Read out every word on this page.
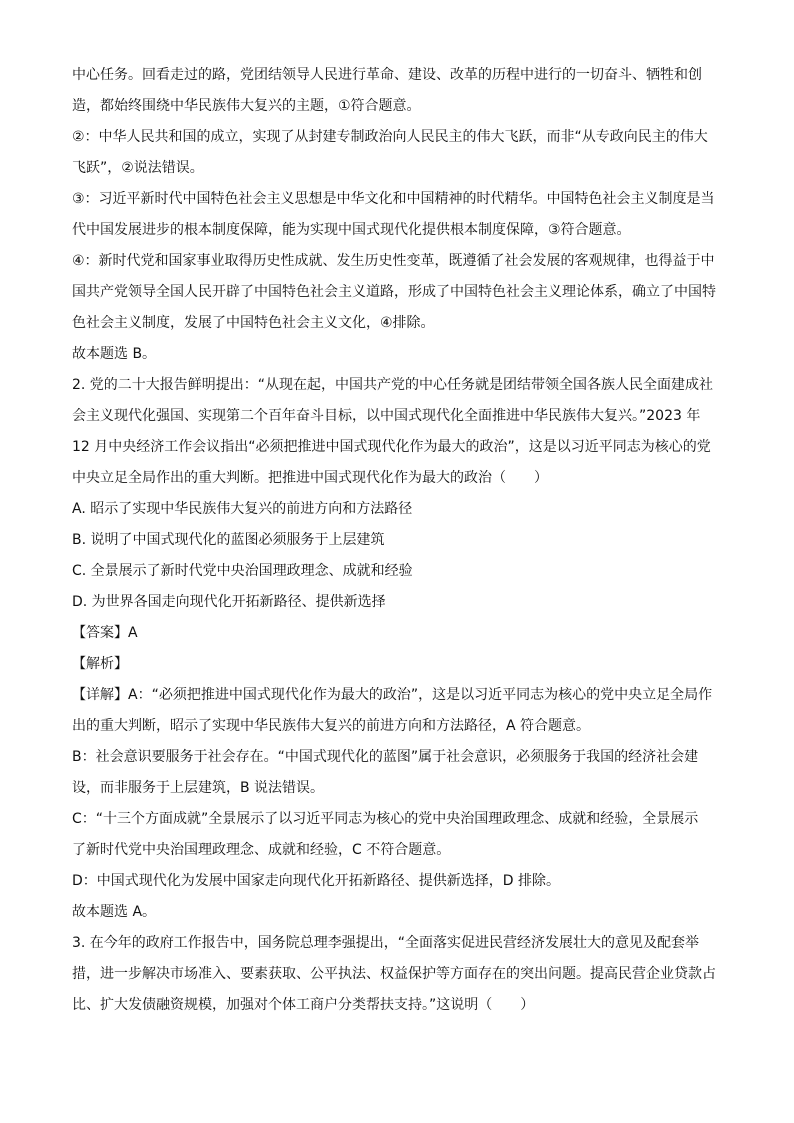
中心任务。回看走过的路，党团结领导人民进行革命、建设、改革的历程中进行的一切奋斗、牺牲和创
造，都始终围绕中华民族伟大复兴的主题，①符合题意。
②：中华人民共和国的成立，实现了从封建专制政治向人民民主的伟大飞跃，而非“从专政向民主的伟大
飞跃”，②说法错误。
③：习近平新时代中国特色社会主义思想是中华文化和中国精神的时代精华。中国特色社会主义制度是当
代中国发展进步的根本制度保障，能为实现中国式现代化提供根本制度保障，③符合题意。
④：新时代党和国家事业取得历史性成就、发生历史性变革，既遵循了社会发展的客观规律，也得益于中
国共产党领导全国人民开辟了中国特色社会主义道路，形成了中国特色社会主义理论体系，确立了中国特
色社会主义制度，发展了中国特色社会主义文化，④排除。
故本题选 B。
2. 党的二十大报告鲜明提出：“从现在起，中国共产党的中心任务就是团结带领全国各族人民全面建成社
会主义现代化强国、实现第二个百年奋斗目标，以中国式现代化全面推进中华民族伟大复兴。”2023 年
12 月中央经济工作会议指出“必须把推进中国式现代化作为最大的政治”，这是以习近平同志为核心的党
中央立足全局作出的重大判断。把推进中国式现代化作为最大的政治（　　）
A. 昭示了实现中华民族伟大复兴的前进方向和方法路径
B. 说明了中国式现代化的蓝图必须服务于上层建筑
C. 全景展示了新时代党中央治国理政理念、成就和经验
D. 为世界各国走向现代化开拓新路径、提供新选择
【答案】A
【解析】
【详解】A：“必须把推进中国式现代化作为最大的政治”，这是以习近平同志为核心的党中央立足全局作
出的重大判断，昭示了实现中华民族伟大复兴的前进方向和方法路径，A 符合题意。
B：社会意识要服务于社会存在。“中国式现代化的蓝图”属于社会意识，必须服务于我国的经济社会建
设，而非服务于上层建筑，B 说法错误。
C：“十三个方面成就”全景展示了以习近平同志为核心的党中央治国理政理念、成就和经验，全景展示
了新时代党中央治国理政理念、成就和经验，C 不符合题意。
D：中国式现代化为发展中国家走向现代化开拓新路径、提供新选择，D 排除。
故本题选 A。
3. 在今年的政府工作报告中，国务院总理李强提出，“全面落实促进民营经济发展壮大的意见及配套举
措，进一步解决市场准入、要素获取、公平执法、权益保护等方面存在的突出问题。提高民营企业贷款占
比、扩大发债融资规模，加强对个体工商户分类帮扶支持。”这说明（　　）
